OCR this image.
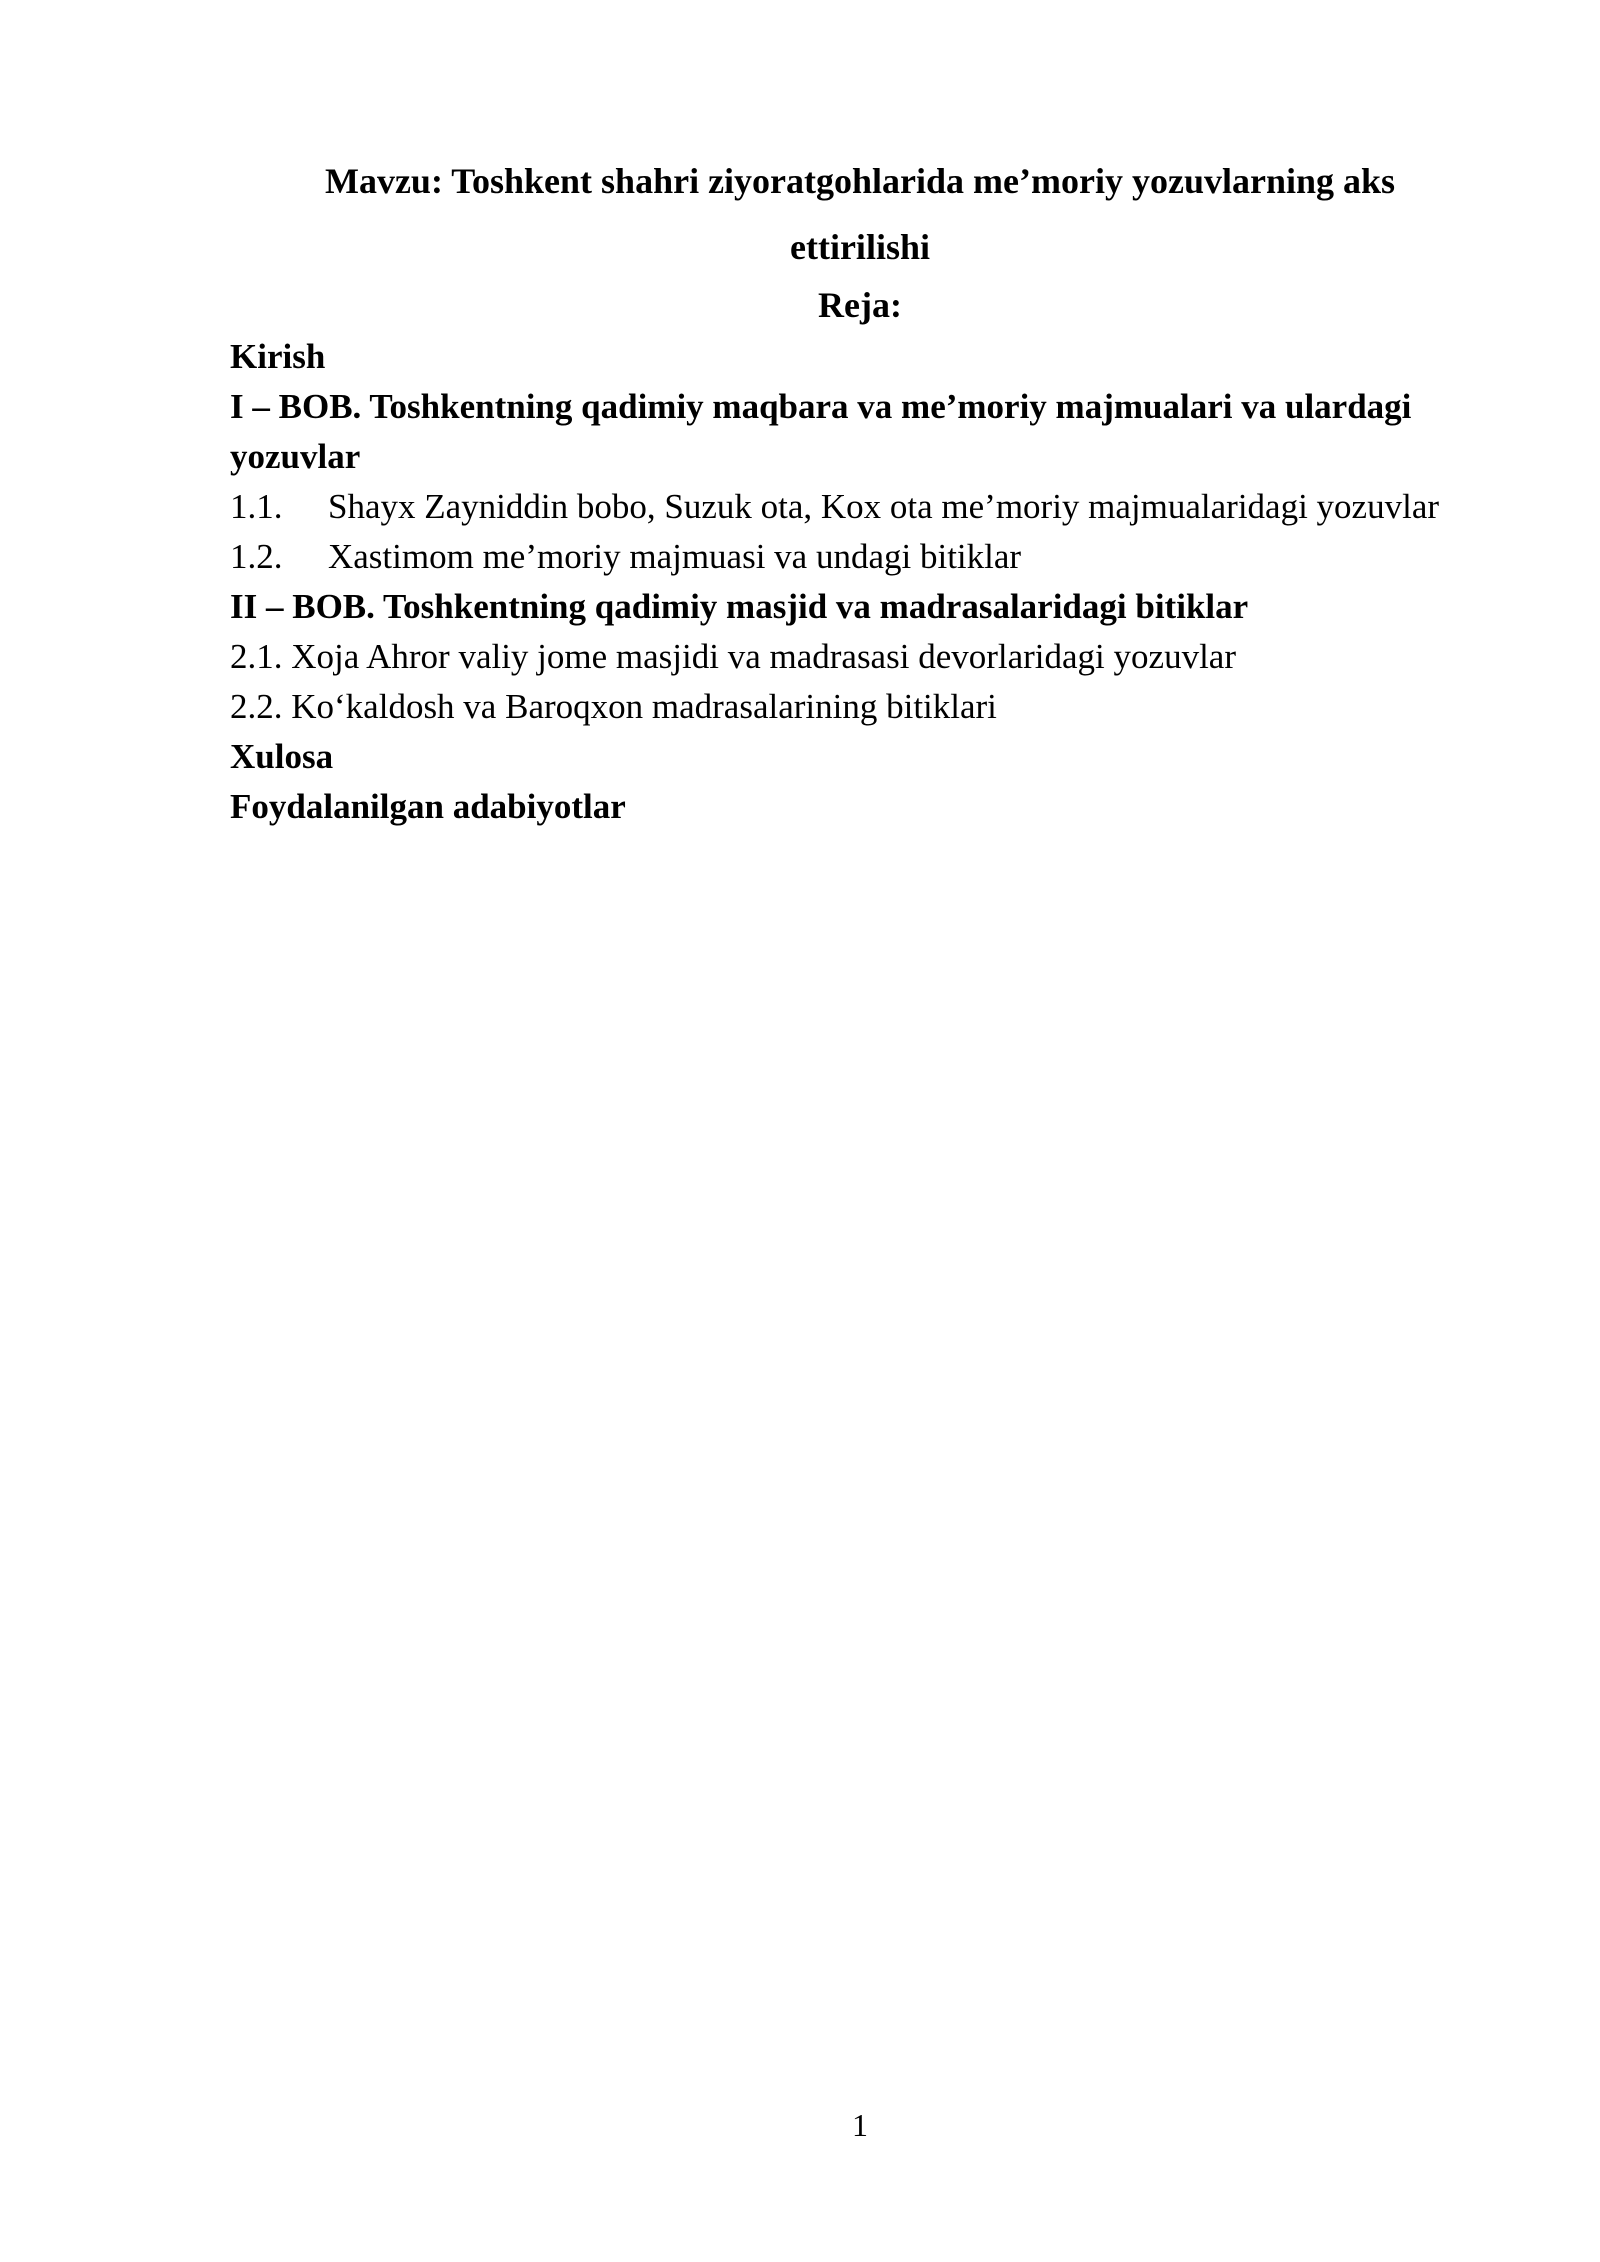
Mavzu: Toshkent shahri ziyoratgohlarida me’moriy yozuvlarning aks
ettirilishi
Reja:
Kirish
I – BOB. Toshkentning qadimiy maqbara va me’moriy majmualari va ulardagi yozuvlar
1.1.	Shayx Zayniddin bobo, Suzuk ota, Kox ota me’moriy majmualaridagi yozuvlar
1.2.	Xastimom me’moriy majmuasi va undagi bitiklar
II – BOB. Toshkentning qadimiy masjid va madrasalaridagi bitiklar
2.1. Xoja Ahror valiy jome masjidi va madrasasi devorlaridagi yozuvlar
2.2. Ko‘kaldosh va Baroqxon madrasalarining bitiklari
Xulosa
Foydalanilgan adabiyotlar
1
